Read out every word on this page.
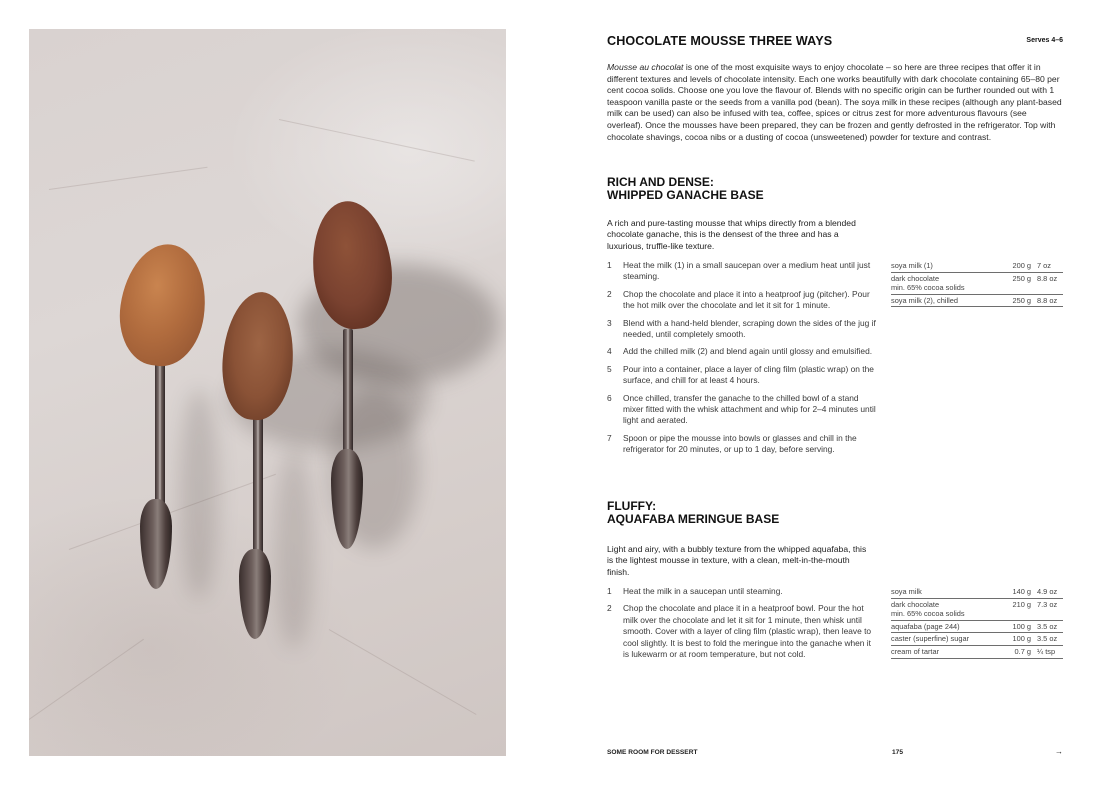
CHOCOLATE MOUSSE THREE WAYS	Serves 4–6

Mousse au chocolat is one of the most exquisite ways to enjoy chocolate – so here are three recipes that offer it in different textures and levels of chocolate intensity. Each one works beautifully with dark chocolate containing 65–80 per cent cocoa solids. Choose one you love the flavour of. Blends with no specific origin can be further rounded out with 1 teaspoon vanilla paste or the seeds from a vanilla pod (bean). The soya milk in these recipes (although any plant-based milk can be used) can also be infused with tea, coffee, spices or citrus zest for more adventurous flavours (see overleaf). Once the mousses have been prepared, they can be frozen and gently defrosted in the refrigerator. Top with chocolate shavings, cocoa nibs or a dusting of cocoa (unsweetened) powder for texture and contrast.

RICH AND DENSE:
WHIPPED GANACHE BASE

A rich and pure-tasting mousse that whips directly from a blended chocolate ganache, this is the densest of the three and has a luxurious, truffle-like texture.

1 Heat the milk (1) in a small saucepan over a medium heat until just steaming.
2 Chop the chocolate and place it into a heatproof jug (pitcher). Pour the hot milk over the chocolate and let it sit for 1 minute.
3 Blend with a hand-held blender, scraping down the sides of the jug if needed, until completely smooth.
4 Add the chilled milk (2) and blend again until glossy and emulsified.
5 Pour into a container, place a layer of cling film (plastic wrap) on the surface, and chill for at least 4 hours.
6 Once chilled, transfer the ganache to the chilled bowl of a stand mixer fitted with the whisk attachment and whip for 2–4 minutes until light and aerated.
7 Spoon or pipe the mousse into bowls or glasses and chill in the refrigerator for 20 minutes, or up to 1 day, before serving.
soya milk (1)	200 g	7 oz
dark chocolate
min. 65% cocoa solids	250 g	8.8 oz
soya milk (2), chilled	250 g	8.8 oz
FLUFFY:
AQUAFABA MERINGUE BASE

Light and airy, with a bubbly texture from the whipped aquafaba, this is the lightest mousse in texture, with a clean, melt-in-the-mouth finish.

1 Heat the milk in a saucepan until steaming.
2 Chop the chocolate and place it in a heatproof bowl. Pour the hot milk over the chocolate and let it sit for 1 minute, then whisk until smooth. Cover with a layer of cling film (plastic wrap), then leave to cool slightly. It is best to fold the meringue into the ganache when it is lukewarm or at room temperature, but not cold.
soya milk	140 g	4.9 oz
dark chocolate
min. 65% cocoa solids	210 g	7.3 oz
aquafaba (page 244)	100 g	3.5 oz
caster (superfine) sugar	100 g	3.5 oz
cream of tartar	0.7 g	¼ tsp
SOME ROOM FOR DESSERT	175	→
